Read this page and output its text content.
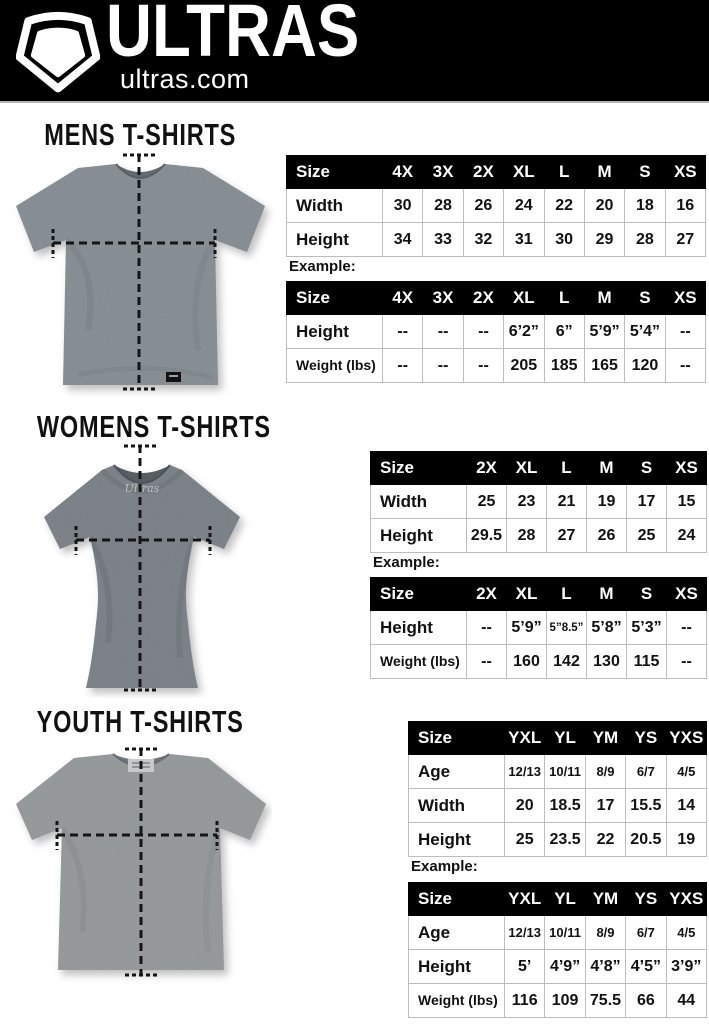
ULTRAS
ultras.com
MENS T-SHIRTS
WOMENS T-SHIRTS
YOUTH T-SHIRTS
Ultras
Size	4X	3X	2X	XL	L	M	S	XS
Width	30	28	26	24	22	20	18	16
Height	34	33	32	31	30	29	28	27
Example:
Size	4X	3X	2X	XL	L	M	S	XS
Height	--	--	--	6’2”	6”	5’9”	5’4”	--
Weight (lbs)	--	--	--	205	185	165	120	--
Size	2X	XL	L	M	S	XS
Width	25	23	21	19	17	15
Height	29.5	28	27	26	25	24
Example:
Size	2X	XL	L	M	S	XS
Height	--	5’9”	5”8.5”	5’8”	5’3”	--
Weight (lbs)	--	160	142	130	115	--
Size	YXL	YL	YM	YS	YXS
Age	12/13	10/11	8/9	6/7	4/5
Width	20	18.5	17	15.5	14
Height	25	23.5	22	20.5	19
Example:
Size	YXL	YL	YM	YS	YXS
Age	12/13	10/11	8/9	6/7	4/5
Height	5’	4’9”	4’8”	4’5”	3’9”
Weight (lbs)	116	109	75.5	66	44
